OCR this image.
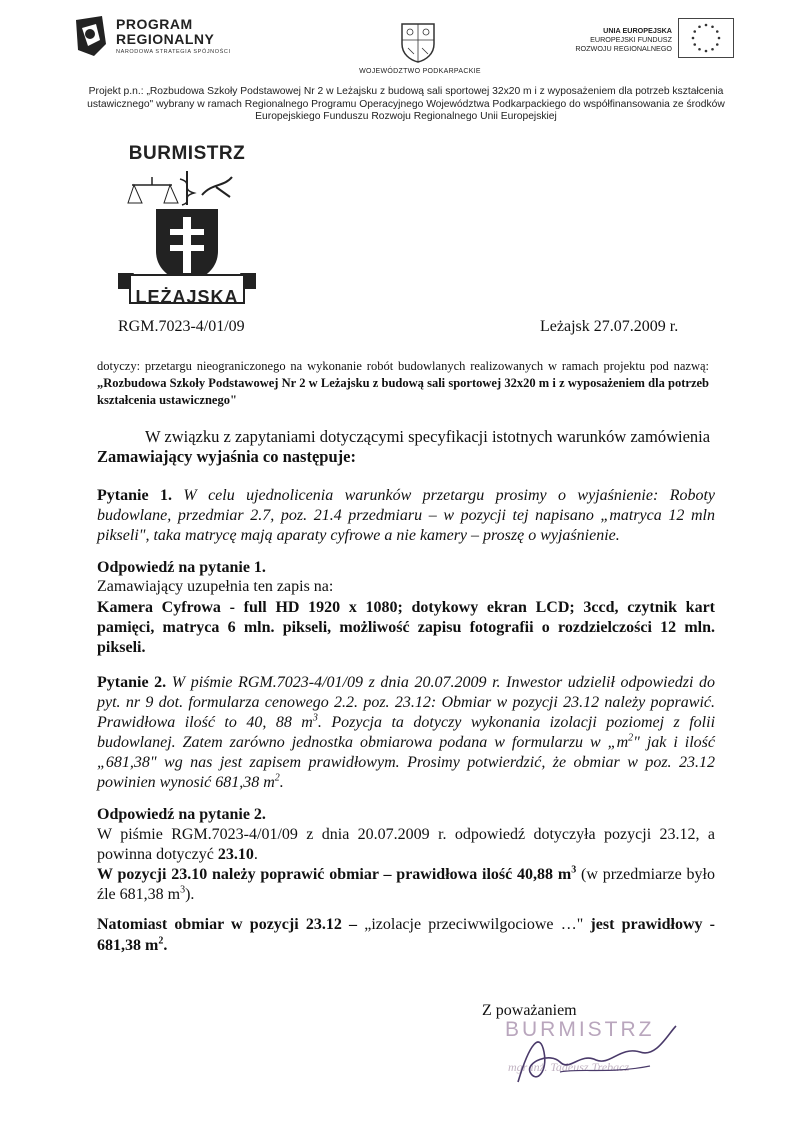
PROGRAM
REGIONALNY
NARODOWA STRATEGIA SPÓJNOŚCI
WOJEWÓDZTWO PODKARPACKIE
UNIA EUROPEJSKA
EUROPEJSKI FUNDUSZ
ROZWOJU REGIONALNEGO
Projekt p.n.: „Rozbudowa Szkoły Podstawowej Nr 2 w Leżajsku z budową sali sportowej 32x20 m i z wyposażeniem dla potrzeb kształcenia ustawicznego" wybrany w ramach Regionalnego Programu Operacyjnego Województwa Podkarpackiego do współfinansowania ze środków Europejskiego Funduszu Rozwoju Regionalnego Unii Europejskiej
BURMISTRZ
LEŻAJSKA
RGM.7023-4/01/09	Leżajsk 27.07.2009 r.
dotyczy: przetargu nieograniczonego na wykonanie robót budowlanych realizowanych w ramach projektu pod nazwą: „Rozbudowa Szkoły Podstawowej Nr 2 w Leżajsku z budową sali sportowej 32x20 m i z wyposażeniem dla potrzeb kształcenia ustawicznego"
W związku z zapytaniami dotyczącymi specyfikacji istotnych warunków zamówienia
Zamawiający wyjaśnia co następuje:
Pytanie 1. W celu ujednolicenia warunków przetargu prosimy o wyjaśnienie: Roboty budowlane, przedmiar 2.7, poz. 21.4 przedmiaru – w pozycji tej napisano „matryca 12 mln pikseli", taka matrycę mają aparaty cyfrowe a nie kamery – proszę o wyjaśnienie.
Odpowiedź na pytanie 1.
Zamawiający uzupełnia ten zapis na:
Kamera Cyfrowa - full HD 1920 x 1080; dotykowy ekran LCD; 3ccd, czytnik kart pamięci, matryca 6 mln. pikseli, możliwość zapisu fotografii o rozdzielczości 12 mln. pikseli.
Pytanie 2. W piśmie RGM.7023-4/01/09 z dnia 20.07.2009 r. Inwestor udzielił odpowiedzi do pyt. nr 9 dot. formularza cenowego 2.2. poz. 23.12: Obmiar w pozycji 23.12 należy poprawić. Prawidłowa ilość to 40, 88 $m^3$. Pozycja ta dotyczy wykonania izolacji poziomej z folii budowlanej. Zatem zarówno jednostka obmiarowa podana w formularzu w $„m^2$" jak i ilość „681,38" wg nas jest zapisem prawidłowym. Prosimy potwierdzić, że obmiar w poz. 23.12 powinien wynosić 681,38 $m^2$.
Odpowiedź na pytanie 2.
W piśmie RGM.7023-4/01/09 z dnia 20.07.2009 r. odpowiedź dotyczyła pozycji 23.12, a powinna dotyczyć 23.10.
W pozycji 23.10 należy poprawić obmiar – prawidłowa ilość 40,88 $m^3$ (w przedmiarze było źle 681,38 $m^3$).
Natomiast obmiar w pozycji 23.12 – „izolacje przeciwwilgociowe …" jest prawidłowy - 681,38 $m^2$.
Z poważaniem
BURMISTRZ
mgr inż. Tadeusz Trebacz
